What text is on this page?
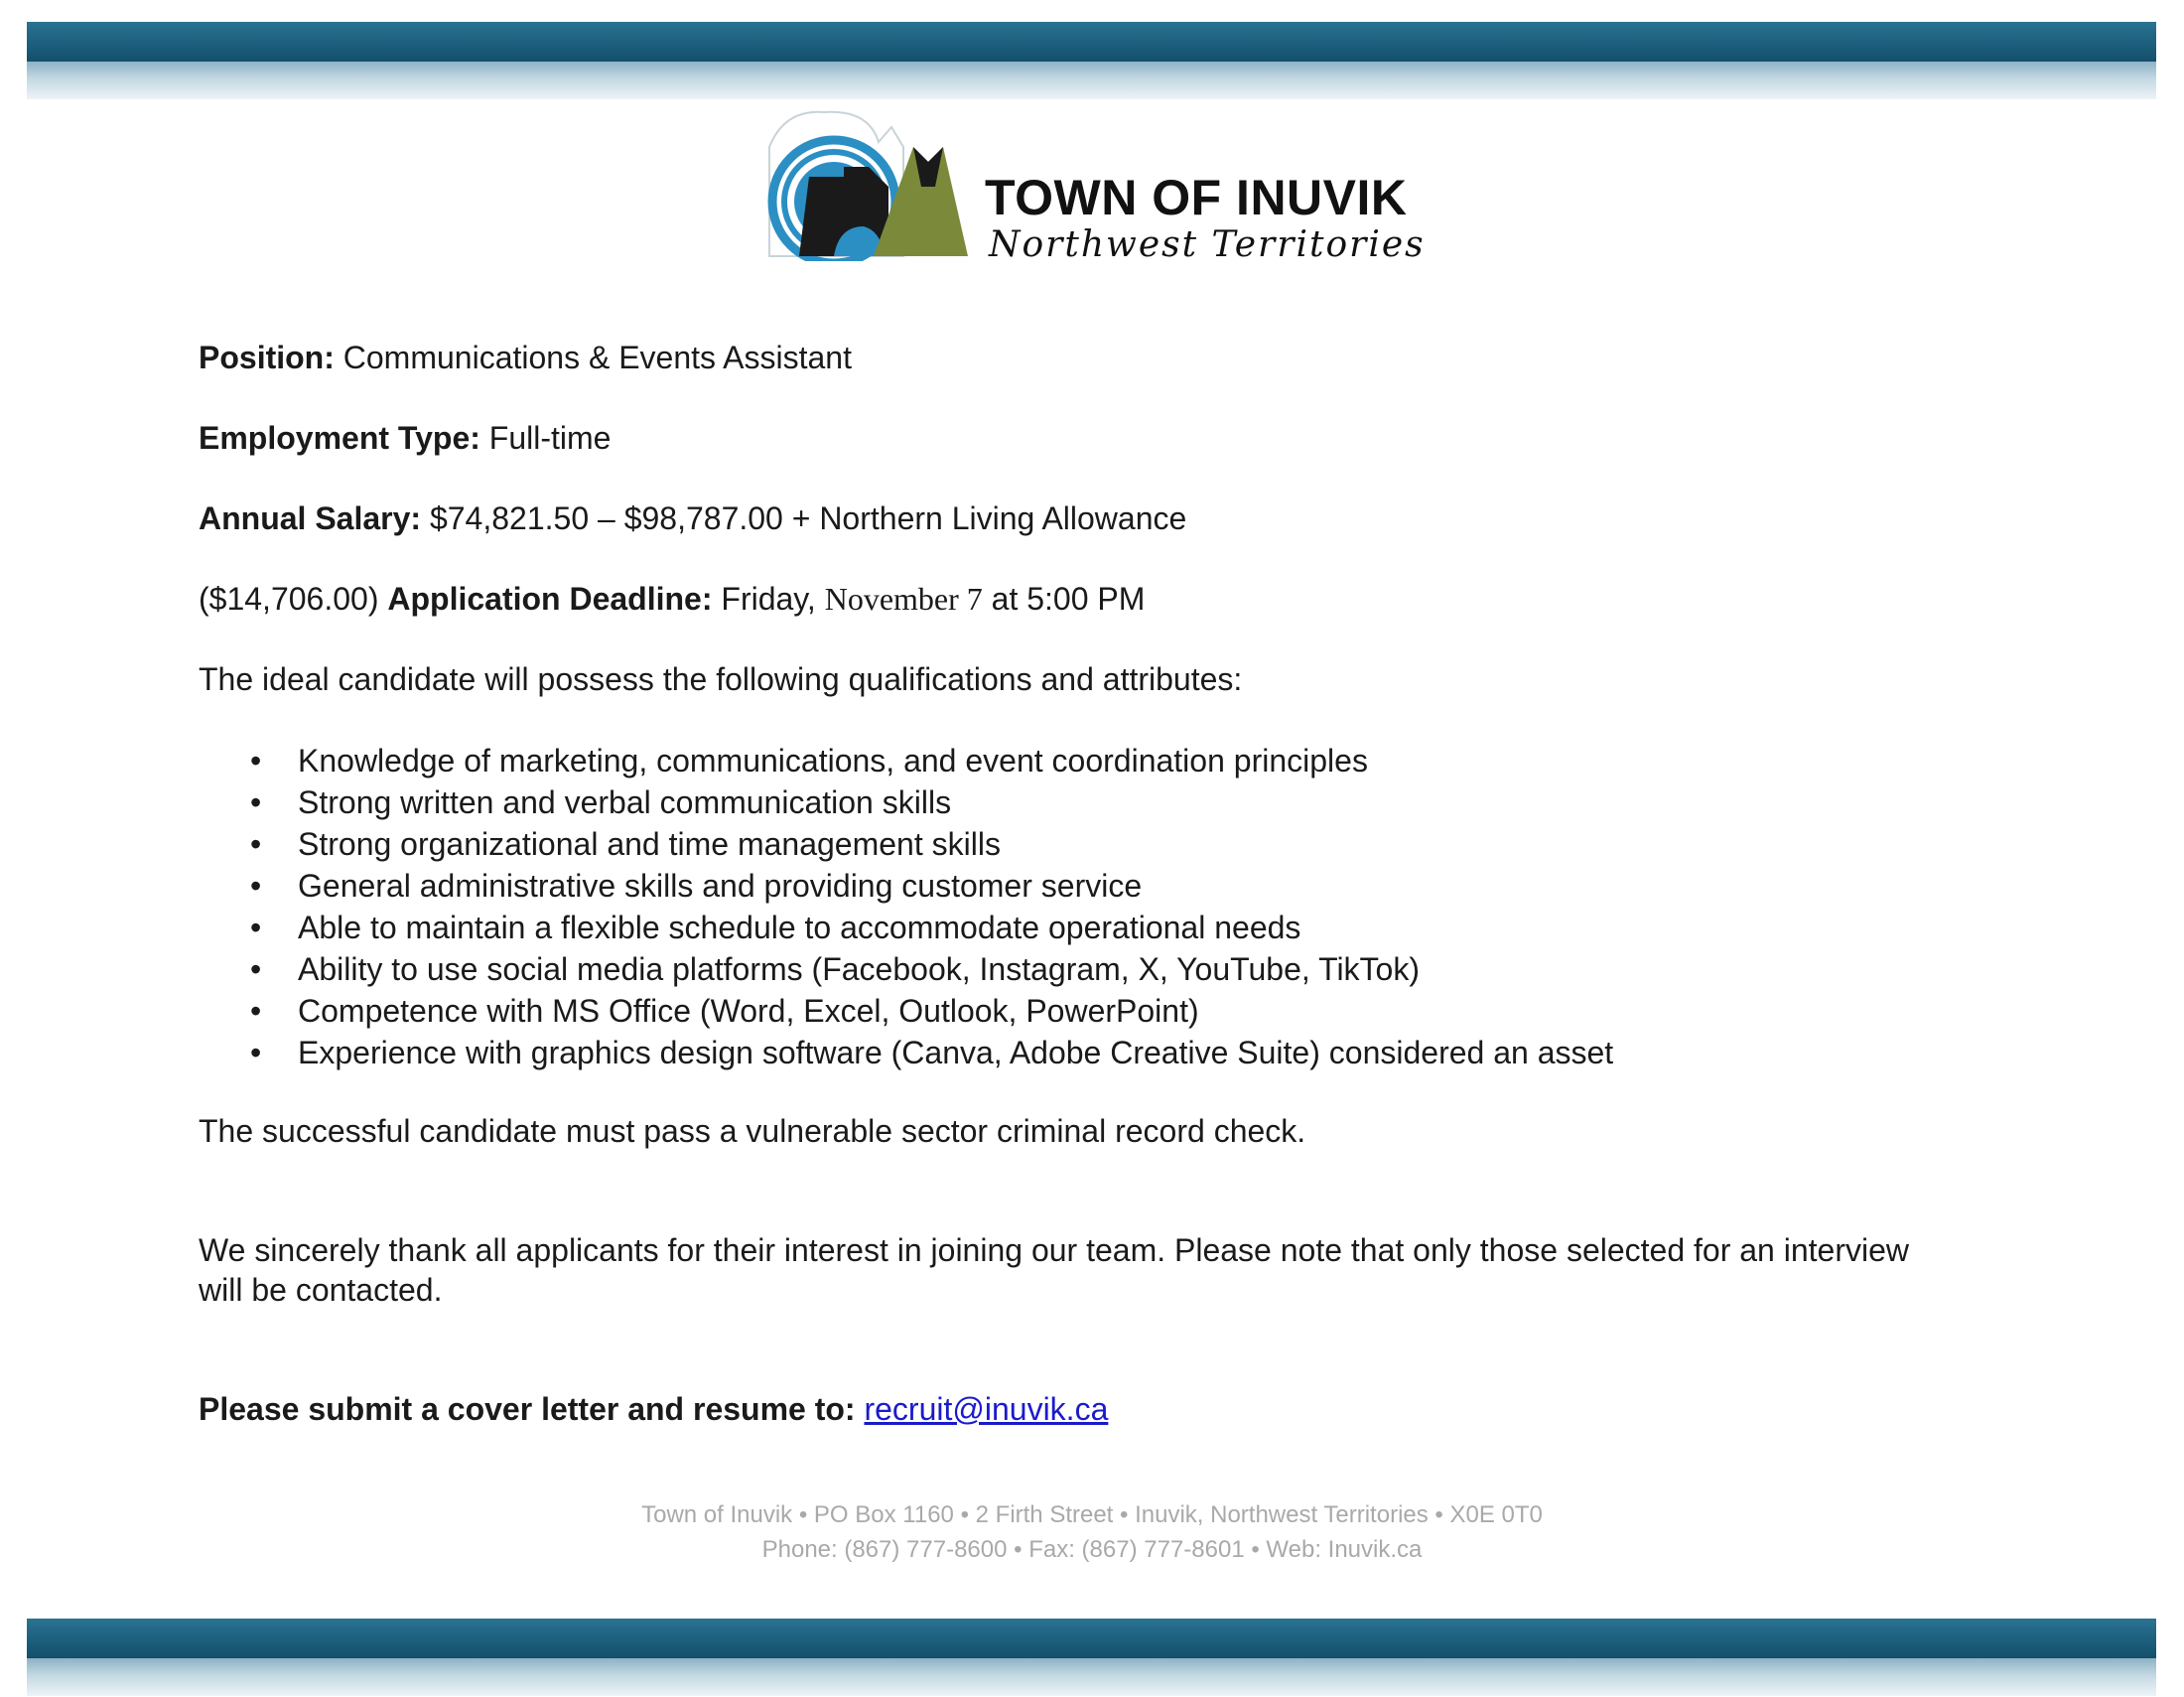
TOWN OF INUVIK
Northwest Territories

Position: Communications & Events Assistant

Employment Type: Full-time

Annual Salary: $74,821.50 – $98,787.00 + Northern Living Allowance

($14,706.00) Application Deadline: Friday, November 7 at 5:00 PM

The ideal candidate will possess the following qualifications and attributes:

• Knowledge of marketing, communications, and event coordination principles
• Strong written and verbal communication skills
• Strong organizational and time management skills
• General administrative skills and providing customer service
• Able to maintain a flexible schedule to accommodate operational needs
• Ability to use social media platforms (Facebook, Instagram, X, YouTube, TikTok)
• Competence with MS Office (Word, Excel, Outlook, PowerPoint)
• Experience with graphics design software (Canva, Adobe Creative Suite) considered an asset

The successful candidate must pass a vulnerable sector criminal record check.

We sincerely thank all applicants for their interest in joining our team. Please note that only those selected for an interview will be contacted.

Please submit a cover letter and resume to: recruit@inuvik.ca

Town of Inuvik • PO Box 1160 • 2 Firth Street • Inuvik, Northwest Territories • X0E 0T0
Phone: (867) 777-8600 • Fax: (867) 777-8601 • Web: Inuvik.ca
